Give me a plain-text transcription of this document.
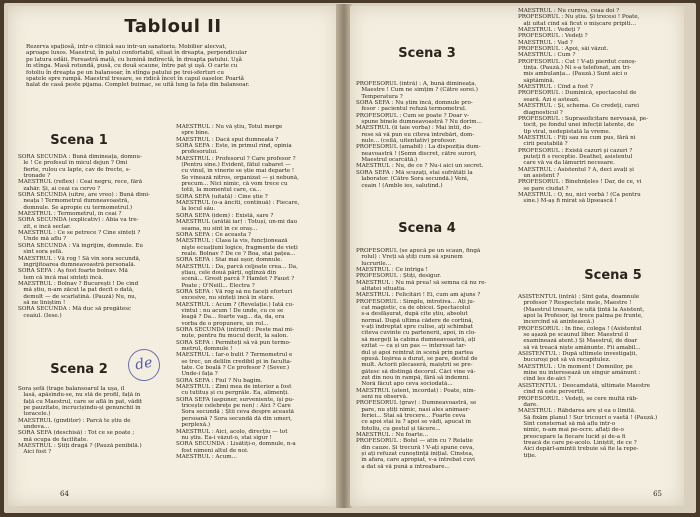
Tabloul II

Rezerva spațiosă, intr-o clinică sau intr-un sanatoriu. Mobilier alecvat,

aproape luxos. Maestrul, în patul confortabil, situat în dreapta, perpendicular

pe latura odăii. Fereastră mată, cu lumină indirectă, în dreapta patului. Uşă

în stînga. Masă rotundă, pusă, cu două scaune, între pat şi uşă. O carte cu

fotoliu în dreapta pe un balansoar, în stînga patului pe trei-sferturi cu

spatele spre rampă. Maestrul tresare, se ridică încet în capul oaselor. Poartă

halat de casă peste pijama. Complet buimac, se uită lung la fața din balansoar.

Scena 1

SORA SECUNDA : Bună dimineața, domnu-

le ! Ce profesul în micul dejun ? Omi

fierte, rulou cu lapte, cav de frecte, s-

tronade ?

MAESTRUL (reflex) : Ceai negru, rece, fără

zahăr. Și, ai ceai ca cervo ?

SORA SECUNDA (uitre, are vreo) : Bună dimi-

neața ! Termometrul dumneavoastră,

domnule. Se apropie cu termometrul.)

MAESTRUL : Termometrul, în ceai ?

SORA SECUNDA (explicativ) : Abia va tre-

zit, e încă seclar.

MAESTRUL : Ce se petrece ? Cine sînteți ?

Unde mă aflu ?

SORA SECUNDA : Vă îngrijim, domnule. Eu

sînt sora șefă.

MAESTRUL : Vă rog ! Să vin sora secundă,

îngrijitoarea dumneavoastră personală.

SORA SEFA : Aș fost foarte bolnav. Mă

tem că încă mai sînteți încă.

MAESTRUL : Bolnav ? București ! De cînd

mă știu, n-am zăcut la pat decît o dată,

demult — de scarlatină. (Pauză) Nu, nu,

să ne liniștim !

SORA SECUNDA : Mă duc să pregătesc

ceaiul. (Iese.)

Scena 2	de

Sora șefă (trage balansoarul la ușa, îl

lasă, apăsîndu-se, nu stă de profil, față în

față cu Maestrul, care se află în pat, vădit

pe pauzitate, încrucișîndu-și genunchii în

toracele.)

MAESTRUL (gînditor) : Parcă te știu de

undeva...

SORA SEFA (deschisă) : Tot ce se poate ;

mă ocupa de facilitate.

MAESTRUL : Știți dragă ? (Pauză penibilă.)

Aici fost ?

MAESTRUL : Nu vă știu, Totul merge

spre bine.

MAESTRUL : Dacă spui dumneata ?

SORA SEFA : Este, în primul rînd, opinia

profesorului.

MAESTRUL : Profesorul ? Care profesor ?

(Pentru sine.) Evident, fătul cabaret —

cu vinul, în vinerie se știe mai departe !

Se vinează nitros, organizat — și nebună,

precum... Nici nimic, că vom trece cu

totii, la momentul care, ca...

SORA SEFA (uitată) : Cine știe ?

MAESTRUL (o-a ănciti, continuă) : Fiecare,

la locul său.

SORA SEFA (idem) : Există, sare ?

MAESTRUL (arătăi iar) : Totuși, un-mi dau

seama, nu sînt în ce oraș...

SORA SEFA : Ce aceasta ?

MAESTRUL : Clasa la vis, funcționează

nişte ecuațiuni logice, fragmente de vieți

reale. Bolnav ? De ce ? Boa, stai pațea...

SORA SEFA : Stai mai ușor, domnule.

MAESTRUL : Da, parcă celjoate crea... Da,

știau, cele două părți, oglinză din

scenă... Gresit parcă ? Hamlet ? Faust ?

Poate ; O'Neill... Electra ?

SORA SEFA : Vă rog să nu faceți eforturi

excesive, nu sînteți încă în stare.

MAESTRUL : Acum ? (Revelație.) Iată cu-

vîntul : nu acum ! De unde, cu ce se

leagă ? Da... foarte vag... da, da, era

vorba de o propunere, un rol...

SORA SECUNDA (intrînd) : Peste mai mi-

nute, pentru fiu mucul decit, la salon.

SORA SEFA : Permiteți să vă pun termo-

metrul, domnule !

MAESTRUL : Iar-o bulit ? Termometrul e

se trec, un delilin credibil pi în faculta-

tate. Ce boală ? Ce profesor ? (Sever.)

Unde-i fața ?

SORA SEFA : Fiul ? Nu bagim.

MAESTRUL : Zîmi mea de interior a fost

cu tutituș și cu pergrăle. Ea, alimenți.

SORA SEFA (aspuner, surveniente, își pu-

tricește celebrețe pe nen) : Aici ? Care

Sora secundă ; Știi ceva despre această

persoană ? Sora secundă dă din umeri,

perplexă.)

MAESTRUL : Aici, acolo, direcțiu — tot

nu știu. Ea-i văzut-o, stai sigur !

SORA SECUNDA : Lisătiți-o, domnule, n-a

fost nimeni altul de noi.

MAESTRUL : Acum...

64
Scena 3

PROFESORUL (intră) : A, bună dimineața,

Maestre ! Cum ne simțim ? (Către sorei.)

Temperatura ?

SORA SEFA : Nu știm încă, domnule pro-

fesor : pacientul refuză termometrul.

PROFESORUL : Cum se poate ? Doar v-

spune binele dumneavoastră ? Nu dorim...

MAESTRUL (îi taie vorba) : Mai întîi, do-

rese să vă pun eu cîteva întrebări, dom-

nule... (ceilă, uitentativ) profesor.

PROFESORUL (amabil) : La dispoziția dum-

neavoastră ! (Semn discret, către surori,

Maestrul ocarcătă.)

MAESTRUL : Nu, de ce ? Nu-i aici un secret.

SORA SEFA : Mă scuzați, stai sufrătăți la

laborator. (Către Sora secundă.) Veni,

ceain ! (Amble ies, salutînd.)

Scena 4

PROFESORUL (se apucă pe un scaun, fingă

rolul) : Vreți să știți cum să spunem

lucrurile...

MAESTRUL : Ce intriga !

PROFESORUL : Știți, desigur.

MAESTRUL : Nu mă prea! să semna că nu re-

alitatei situatia.

MAESTRUL : Felicitări ! Ei, cum am ajuns ?

PROFESORUL : Simplu, introtiva... Ați ju-

cat magistic, ca de obicei. Spectacolul

s-a desfășurat, după cite știu, absolut

normal. După ultima cădere de cortină,

v-ați îndreptat spre culise, ați schimbat

cîteva cuvinte cu partenerii, apoi, în clo-

să mergeți la cabina dumneavoastră, ați

ezitat — ca și un pas — interesat tar-

dul și apoi reintrat în scenă prin partea

opusă. Ieșirea a durat, se pare, destul de

mult. Actorii plecaseră, maiștrii se pre-

gătesc să distingă decorul. Căci vine vă-

zut din nou în rampă, fără să îndemni.

Noră făcut apo ceva sociodată...

MAESTRUL (atent, încordat) : Poate, nim-

seni nu observă.

PROFESORUL (grav) : Dumneavoastră, se

pare, nu știți nimic, nasi ales animaer-

feriei... Stai să trecere... Foarte ceva

ce apoi stai iu ? apoi se vădi, apucat în

fotoliu, cu gestul și tăcere...

MAESTRUL : Nu foarte...

PROFESORUL : Bolul — atin cu ? Relatie

din cauze. Și trecură ! V-ați spune ceva,

și ați refuzat cunoștință inițial. Cinstea,

în afara, care apropiat, v-a întrebat cuvi

a dat să vă pună a întreabare...

MAESTRUL : Nu curnva, ceaa doi ?

PROFESORUL : Nu știu. Și trecesi ! Poate,

ați uitat cînd să ficut o mișcare pripiti...

MAESTRUL : Vedeți ?

PROFESORUL : Vedeți ?

MAESTRUL : Vad ?

PROFESORUL : Apoi, săi văzut.

MAESTRUL : Cum ?

PROFESORUL : Cut ! V-ați pierdut cunoș-

tința. (Pauză.) Ni s-a telefonat, am tri-

mis ambulanța... (Pauză.) Sunt aici o

săptămînă.

MAESTRUL : Cînd a fost ?

PROFESORUL : Duminică, spectacolul de

seară. Azi e asteazi.

MAESTRUL : Și, schema. Ce credeți, carei

diagnosticul ?

PROFESORUL : Suprasolicitare nervoasă, pe-

tocit, pe fondul unei infecții latente, de

tip viral, nedepistată la vreme.

MAESTRUL : Fiți sau nu cum pus, fără ni

cirii peutabilă ?

PROFESORUL : Există cazuri și cazuri ?

puteți fi s receptie. Deathel, asistentul

care vă va da lămuriri necesare.

MAESTRUL : Asistentul ? A, deci avați și

un asistent ?

PROFESORUL : Binehnțeles ! Dar, de ce, vi

se pare ciudat ?

MAESTRUL : O, nu, nici vorbă ! (Ca pentru

sine.) M-aș fi mirat să lipsească !

Scena 5

ASISTENTUL (intră) : Sînt gata, doamnule

profesor ? Respectele mele, Maestre !

(Maestrul tresare, se uită țintă la Asistent,

apoi la Profesor, își trece palma pe frunte,

încercînd să anintească.)

PROFESORUL : În fine, colega ! (Asistentul

se așază pe scaunul liber. Maestrul îl

examinează atent.) Și Maestrul, de doar

să vă treacă niște amănunte. Fii amabil...

ASISTENTUL : După ultimele investigații,

bucuroși pot să vă recapitulez.

MAESTRUL : Un moment ! Domnilor, pe

mine nu interesează un singur amănunt :

cînd les de-aici ?

ASISTENTUL : Deocamdată, ultimate Maestre

cînd ră este pervertit.

PROFESORUL : Vedeți, se cere multă răb-

dare.

MAESTRUL : Răbdarea are și ea o limită.

Să fixăm planul ! Sur tricouri o vaetă ! (Pauză.)

Sînt consternat să mă aflu într-o

nimic, n-am mai pe-ocre. aflați de-o

preocupare la fiecare lucid și de-a fi

treacă de care pe-acolo. Liniștit, de ce ?

Aici depărl-amintii trebuie să fie la repe-

tiție.

65
